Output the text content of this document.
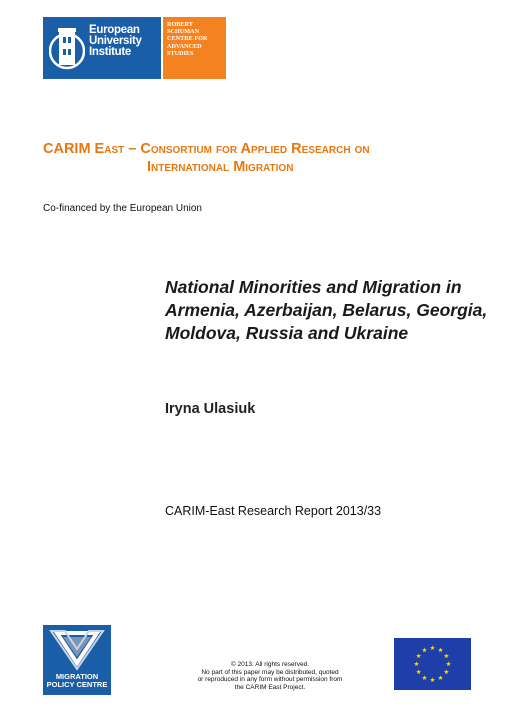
European
University
Institute
ROBERT
SCHUMAN
CENTRE FOR
ADVANCED
STUDIES
CARIM East – Consortium for Applied Research on
International Migration
Co-financed by the European Union
National Minorities and Migration in
Armenia, Azerbaijan, Belarus, Georgia,
Moldova, Russia and Ukraine
Iryna Ulasiuk
CARIM-East Research Report 2013/33
MIGRATION
POLICY CENTRE
© 2013. All rights reserved.
No part of this paper may be distributed, quoted
or reproduced in any form without permission from
the CARIM East Project.
